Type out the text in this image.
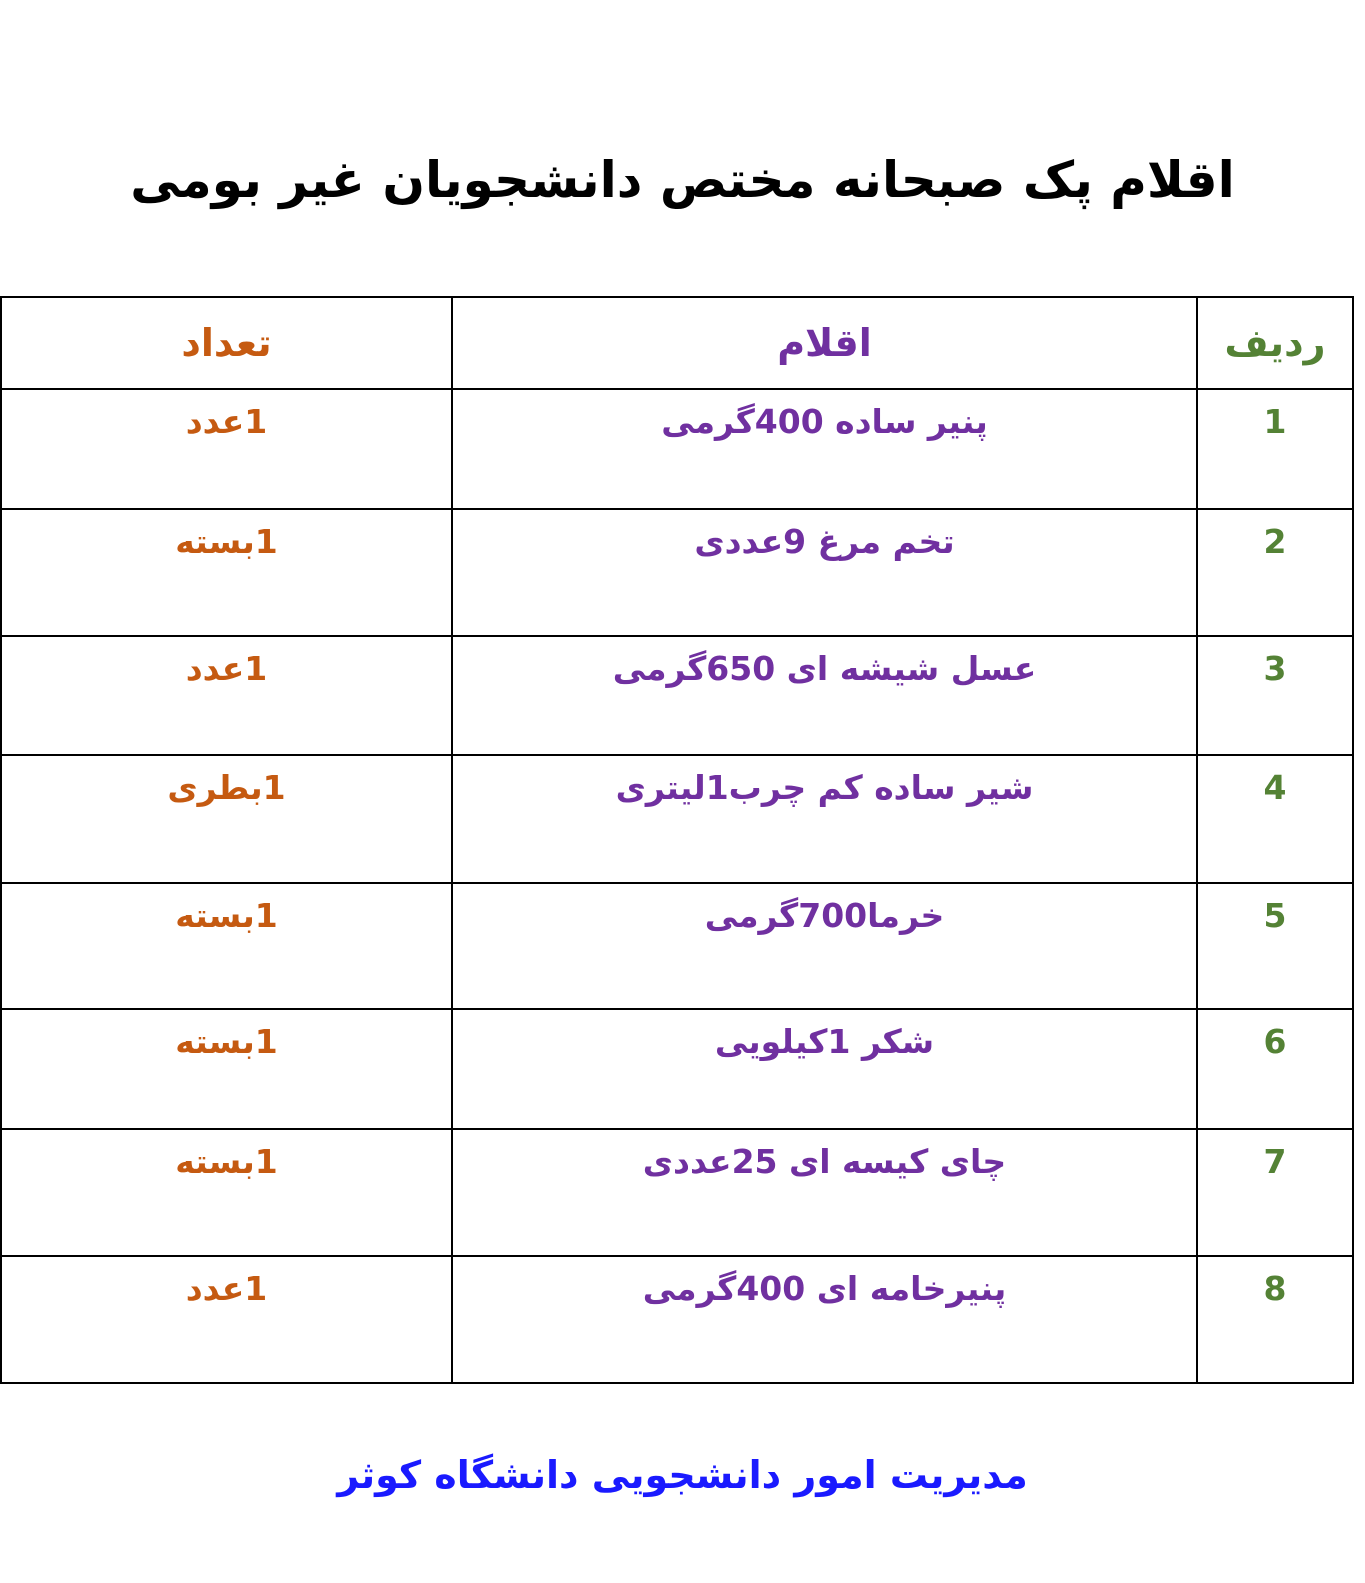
اقلام پک صبحانه مختص دانشجویان غیر بومی
تعداد	اقلام	ردیف
1عدد	پنیر ساده 400گرمی	1
1بسته	تخم مرغ 9عددی	2
1عدد	عسل شیشه ای 650گرمی	3
1بطری	شیر ساده کم چرب1لیتری	4
1بسته	خرما700گرمی	5
1بسته	شکر 1کیلویی	6
1بسته	چای کیسه ای 25عددی	7
1عدد	پنیرخامه ای 400گرمی	8
مدیریت امور دانشجویی دانشگاه کوثر
